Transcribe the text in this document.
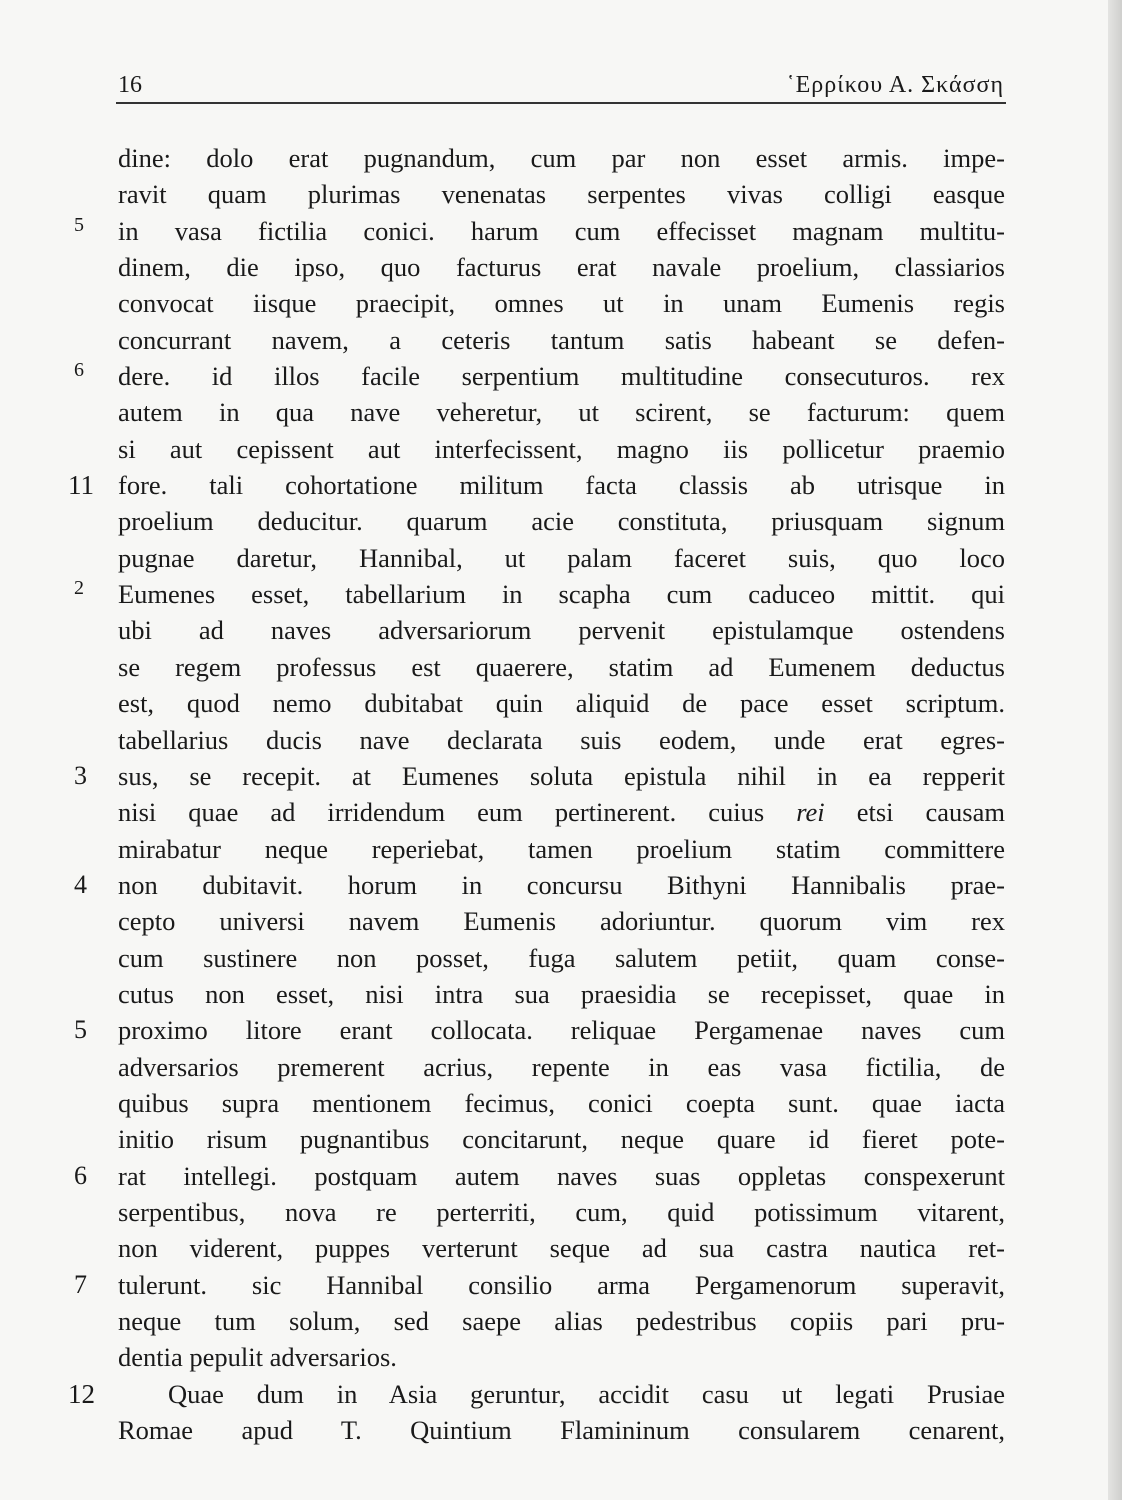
16	῾Ερρίκου Α. Σκάσση
dine: dolo erat pugnandum, cum par non esset armis. impe-
ravit quam plurimas venenatas serpentes vivas colligi easque
5	in vasa fictilia conici. harum cum effecisset magnam multitu-
dinem, die ipso, quo facturus erat navale proelium, classiarios
convocat iisque praecipit, omnes ut in unam Eumenis regis
concurrant navem, a ceteris tantum satis habeant se defen-
6	dere. id illos facile serpentium multitudine consecuturos. rex
autem in qua nave veheretur, ut scirent, se facturum: quem
si aut cepissent aut interfecissent, magno iis pollicetur praemio
11 fore. tali cohortatione militum facta classis ab utrisque in
proelium deducitur. quarum acie constituta, priusquam signum
pugnae daretur, Hannibal, ut palam faceret suis, quo loco
2	Eumenes esset, tabellarium in scapha cum caduceo mittit. qui
ubi ad naves adversariorum pervenit epistulamque ostendens
se regem professus est quaerere, statim ad Eumenem deductus
est, quod nemo dubitabat quin aliquid de pace esset scriptum.
tabellarius ducis nave declarata suis eodem, unde erat egres-
3	sus, se recepit. at Eumenes soluta epistula nihil in ea repperit
nisi quae ad irridendum eum pertinerent. cuius rei etsi causam
mirabatur neque reperiebat, tamen proelium statim committere
4	non dubitavit. horum in concursu Bithyni Hannibalis prae-
cepto universi navem Eumenis adoriuntur. quorum vim rex
cum sustinere non posset, fuga salutem petiit, quam conse-
cutus non esset, nisi intra sua praesidia se recepisset, quae in
5	proximo litore erant collocata. reliquae Pergamenae naves cum
adversarios premerent acrius, repente in eas vasa fictilia, de
quibus supra mentionem fecimus, conici coepta sunt. quae iacta
initio risum pugnantibus concitarunt, neque quare id fieret pote-
6	rat intellegi. postquam autem naves suas oppletas conspexerunt
serpentibus, nova re perterriti, cum, quid potissimum vitarent,
non viderent, puppes verterunt seque ad sua castra nautica ret-
7	tulerunt. sic Hannibal consilio arma Pergamenorum superavit,
neque tum solum, sed saepe alias pedestribus copiis pari pru-
dentia pepulit adversarios.
12	Quae dum in Asia geruntur, accidit casu ut legati Prusiae
Romae apud T. Quintium Flamininum consularem cenarent,
